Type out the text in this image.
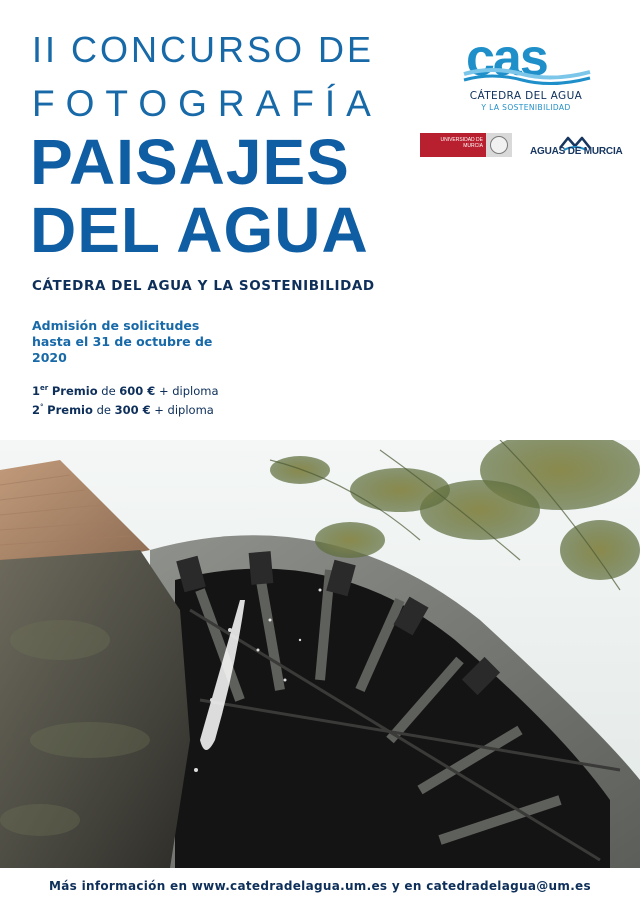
II CONCURSO DE
FOTOGRAFÍA
PAISAJES
DEL AGUA
CÁTEDRA DEL AGUA Y LA SOSTENIBILIDAD
Admisión de solicitudes
hasta el 31 de octubre de
2020
1er Premio de 600 € + diploma
2° Premio de 300 € + diploma
cas
CÁTEDRA DEL AGUA
Y LA SOSTENIBILIDAD
UNIVERSIDAD DE
MURCIA	AGUAS DE MURCIA
Más información en www.catedradelagua.um.es y en catedradelagua@um.es
